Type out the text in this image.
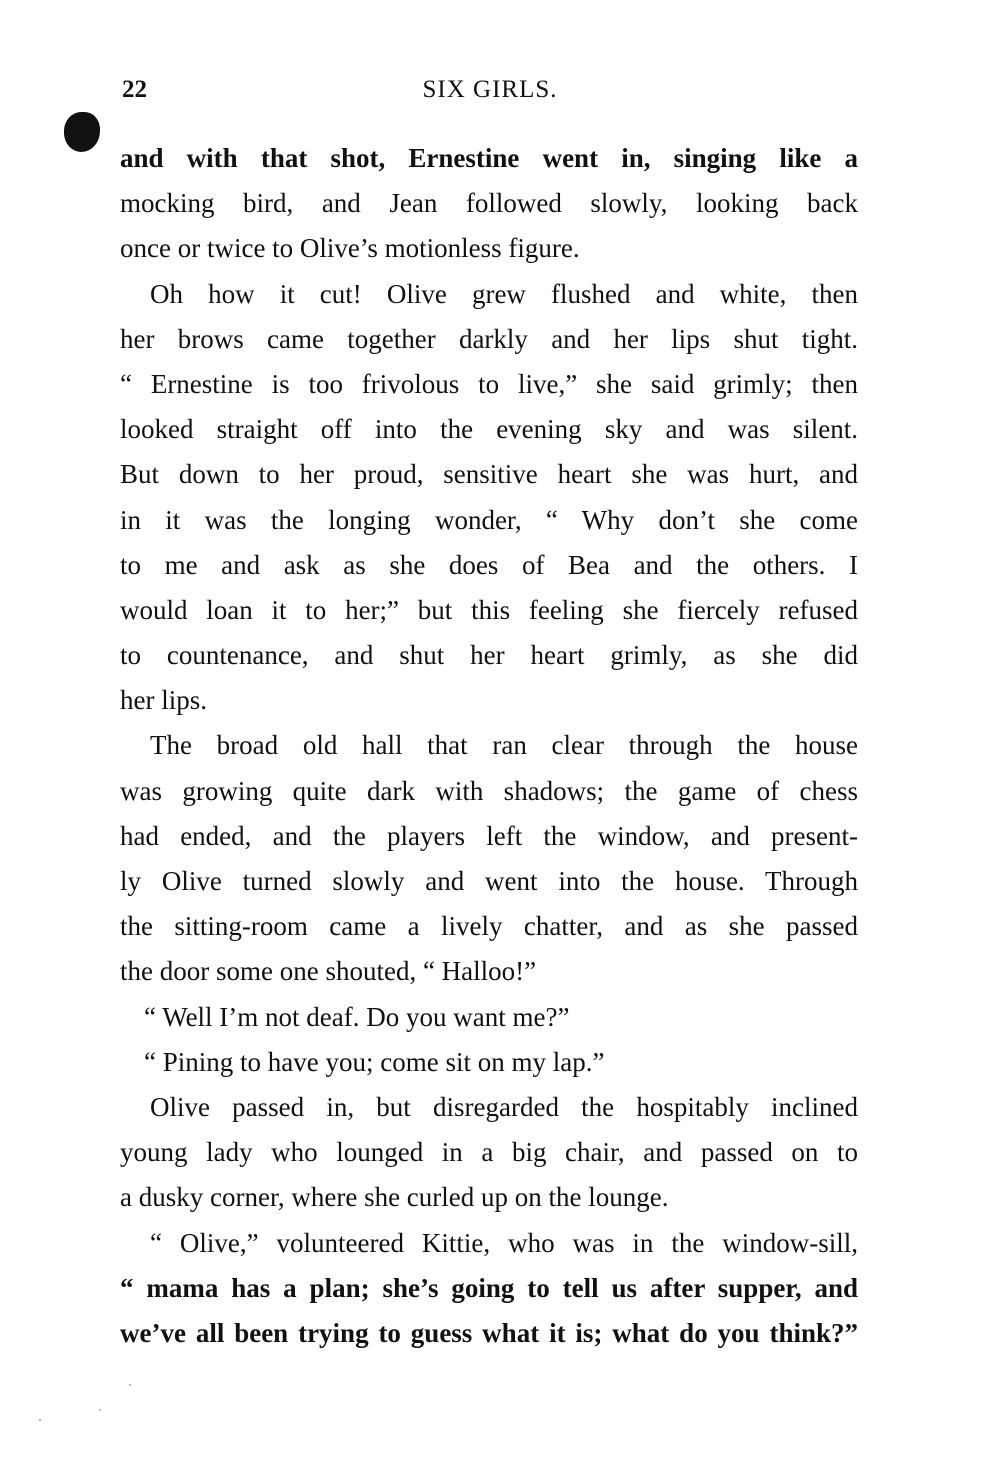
22	SIX GIRLS.
and with that shot, Ernestine went in, singing like a
mocking bird, and Jean followed slowly, looking back
once or twice to Olive’s motionless figure.
Oh how it cut! Olive grew flushed and white, then
her brows came together darkly and her lips shut tight.
“ Ernestine is too frivolous to live,” she said grimly; then
looked straight off into the evening sky and was silent.
But down to her proud, sensitive heart she was hurt, and
in it was the longing wonder, “ Why don’t she come
to me and ask as she does of Bea and the others. I
would loan it to her;” but this feeling she fiercely refused
to countenance, and shut her heart grimly, as she did
her lips.
The broad old hall that ran clear through the house
was growing quite dark with shadows; the game of chess
had ended, and the players left the window, and present-
ly Olive turned slowly and went into the house. Through
the sitting-room came a lively chatter, and as she passed
the door some one shouted, “ Halloo!”
“ Well I’m not deaf. Do you want me?”
“ Pining to have you; come sit on my lap.”
Olive passed in, but disregarded the hospitably inclined
young lady who lounged in a big chair, and passed on to
a dusky corner, where she curled up on the lounge.
“ Olive,” volunteered Kittie, who was in the window-sill,
“ mama has a plan; she’s going to tell us after supper, and
we’ve all been trying to guess what it is; what do you think?”
